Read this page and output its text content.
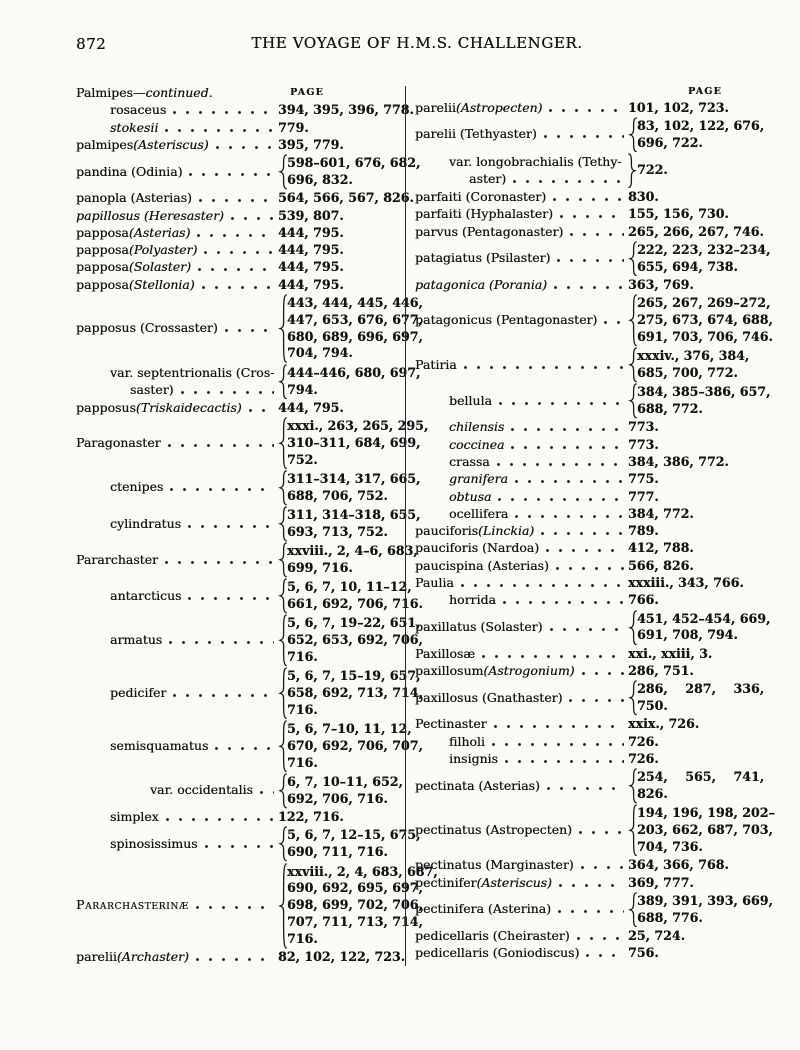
872	THE VOYAGE OF H.M.S. CHALLENGER.
Palmipes— continued.	PAGE
rosaceus	394, 395, 396, 778.
stokesii	779.
palmipes (Asteriscus)	395, 779.
pandina (Odinia)
598–601, 676, 682,
696, 832.
panopla (Asterias)	564, 566, 567, 826.
papillosus (Heresaster)	539, 807.
papposa (Asterias)	444, 795.
papposa (Polyaster)	444, 795.
papposa (Solaster)	444, 795.
papposa (Stellonia)	444, 795.
papposus (Crossaster)
443, 444, 445, 446,
447, 653, 676, 677,
680, 689, 696, 697,
704, 794.
var. septentrionalis (Cros-
saster)
444–446, 680, 697,
794.
papposus (Triskaidecactis)	444, 795.
Paragonaster
xxxi., 263, 265, 295,
310–311, 684, 699,
752.
ctenipes
311–314, 317, 665,
688, 706, 752.
cylindratus
311, 314–318, 655,
693, 713, 752.
Pararchaster
xxviii., 2, 4–6, 683,
699, 716.
antarcticus
5, 6, 7, 10, 11–12,
661, 692, 706, 716.
armatus
5, 6, 7, 19–22, 651,
652, 653, 692, 706,
716.
pedicifer
5, 6, 7, 15–19, 657,
658, 692, 713, 714,
716.
semisquamatus
5, 6, 7–10, 11, 12,
670, 692, 706, 707,
716.
var. occidentalis
6, 7, 10–11, 652,
692, 706, 716.
simplex	122, 716.
spinosissimus
5, 6, 7, 12–15, 675,
690, 711, 716.
Pararchasterinæ
xxviii., 2, 4, 683, 687,
690, 692, 695, 697,
698, 699, 702, 706,
707, 711, 713, 714,
716.
parelii (Archaster)	82, 102, 122, 723.
PAGE
parelii (Astropecten)	101, 102, 723.
parelii (Tethyaster)
83, 102, 122, 676,
696, 722.
var. longobrachialis (Tethy-
aster)
722.
parfaiti (Coronaster)	830.
parfaiti (Hyphalaster)	155, 156, 730.
parvus (Pentagonaster)	265, 266, 267, 746.
patagiatus (Psilaster)
222, 223, 232–234,
655, 694, 738.
patagonica (Porania)	363, 769.
patagonicus (Pentagonaster)
265, 267, 269–272,
275, 673, 674, 688,
691, 703, 706, 746.
Patiria
xxxiv., 376, 384,
685, 700, 772.
bellula
384, 385–386, 657,
688, 772.
chilensis	773.
coccinea	773.
crassa	384, 386, 772.
granifera	775.
obtusa	777.
ocellifera	384, 772.
pauciforis (Linckia)	789.
pauciforis (Nardoa)	412, 788.
paucispina (Asterias)	566, 826.
Paulia	xxxiii., 343, 766.
horrida	766.
paxillatus (Solaster)
451, 452–454, 669,
691, 708, 794.
Paxillosæ	xxi., xxiii, 3.
paxillosum (Astrogonium)	286, 751.
paxillosus (Gnathaster)
286,    287,    336,
750.
Pectinaster	xxix., 726.
filholi	726.
insignis	726.
pectinata (Asterias)
254,    565,    741,
826.
pectinatus (Astropecten)
194, 196, 198, 202–
203, 662, 687, 703,
704, 736.
pectinatus (Marginaster)	364, 366, 768.
pectinifer (Asteriscus)	369, 777.
pectinifera (Asterina)
389, 391, 393, 669,
688, 776.
pedicellaris (Cheiraster)	25, 724.
pedicellaris (Goniodiscus)	756.
